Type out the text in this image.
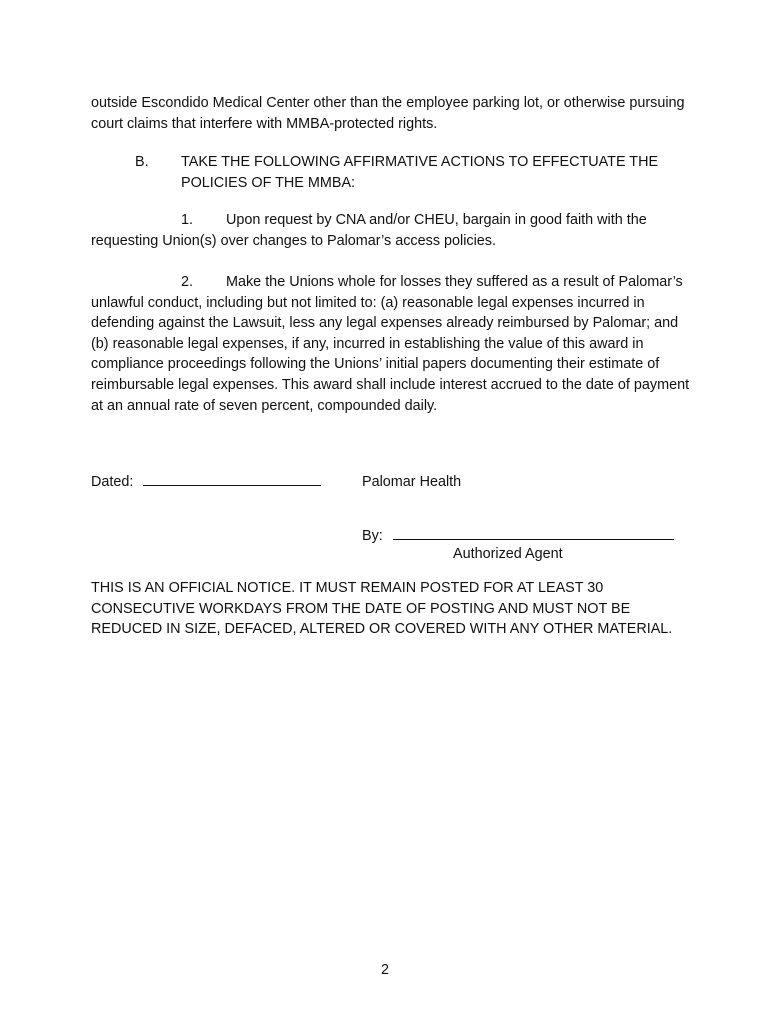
outside Escondido Medical Center other than the employee parking lot, or otherwise pursuing court claims that interfere with MMBA-protected rights.

B. TAKE THE FOLLOWING AFFIRMATIVE ACTIONS TO EFFECTUATE THE POLICIES OF THE MMBA:

1. Upon request by CNA and/or CHEU, bargain in good faith with the requesting Union(s) over changes to Palomar’s access policies.

2. Make the Unions whole for losses they suffered as a result of Palomar’s unlawful conduct, including but not limited to: (a) reasonable legal expenses incurred in defending against the Lawsuit, less any legal expenses already reimbursed by Palomar; and (b) reasonable legal expenses, if any, incurred in establishing the value of this award in compliance proceedings following the Unions’ initial papers documenting their estimate of reimbursable legal expenses. This award shall include interest accrued to the date of payment at an annual rate of seven percent, compounded daily.

Dated:	Palomar Health
By:
Authorized Agent

THIS IS AN OFFICIAL NOTICE. IT MUST REMAIN POSTED FOR AT LEAST 30 CONSECUTIVE WORKDAYS FROM THE DATE OF POSTING AND MUST NOT BE REDUCED IN SIZE, DEFACED, ALTERED OR COVERED WITH ANY OTHER MATERIAL.

2
